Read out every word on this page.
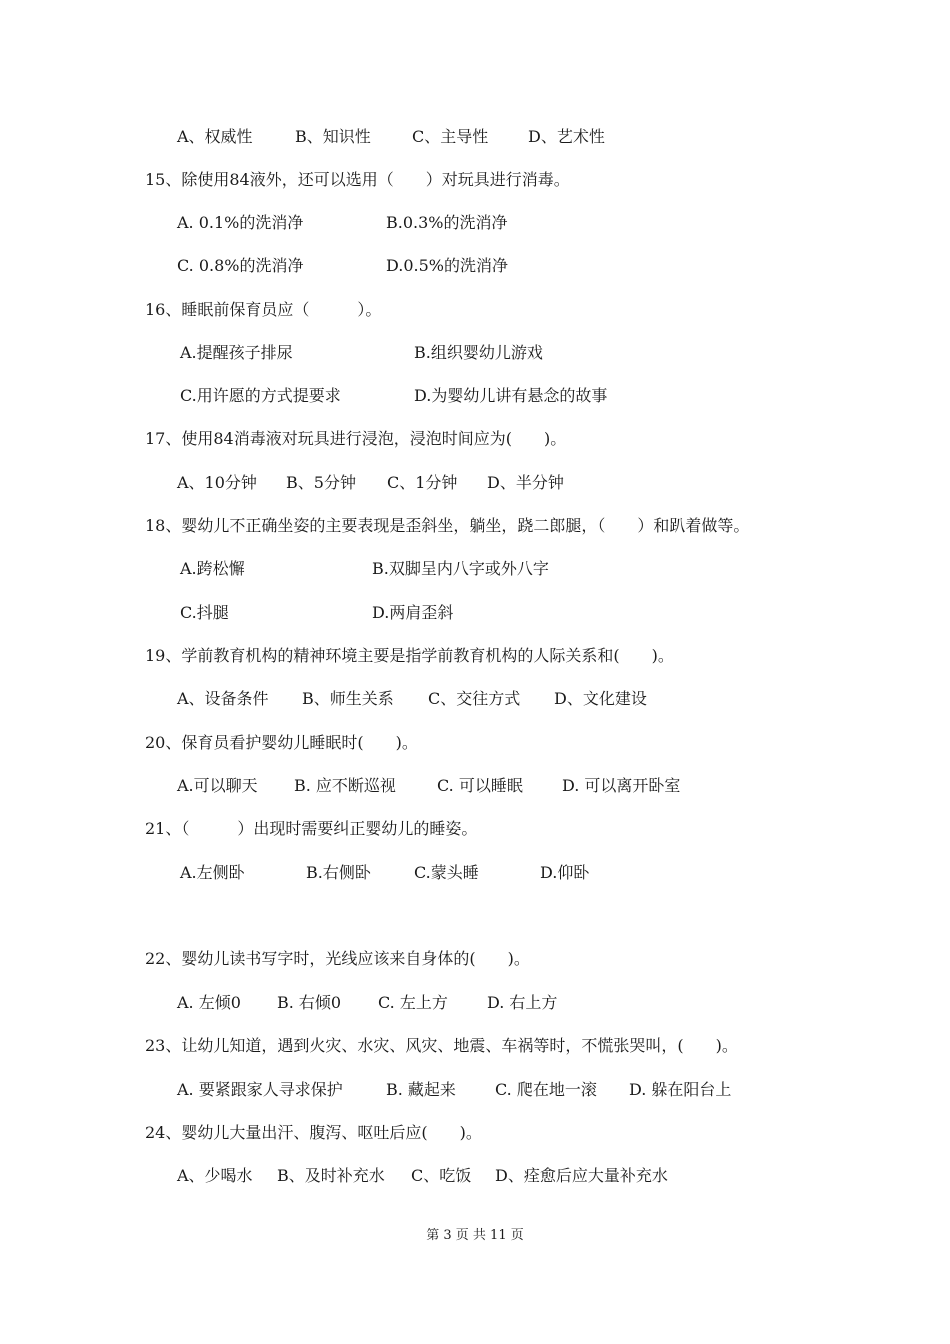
第 3 页 共 11 页
A、权威性	B、知识性	C、主导性 D、艺术性
15、除使用84液外，还可以选用（　　）对玩具进行消毒。
A. 0.1%的洗消净	B.0.3%的洗消净
C. 0.8%的洗消净	D.0.5%的洗消净
16、睡眠前保育员应（　　　）。
A.提醒孩子排尿	B.组织婴幼儿游戏
C.用许愿的方式提要求	D.为婴幼儿讲有悬念的故事
17、使用84消毒液对玩具进行浸泡，浸泡时间应为(　　)。
A、10分钟 B、5分钟 C、1分钟 D、半分钟
18、婴幼儿不正确坐姿的主要表现是歪斜坐，躺坐，跷二郎腿，（　　）和趴着做等。
A.跨松懈	B.双脚呈内八字或外八字
C.抖腿	D.两肩歪斜
19、学前教育机构的精神环境主要是指学前教育机构的人际关系和(　　)。
A、设备条件 B、师生关系 C、交往方式 D、文化建设
20、保育员看护婴幼儿睡眠时(　　)。
A.可以聊天 B. 应不断巡视	C. 可以睡眠 D. 可以离开卧室
21、（　　　）出现时需要纠正婴幼儿的睡姿。
A.左侧卧	B.右侧卧	C.蒙头睡	D.仰卧
22、婴幼儿读书写字时，光线应该来自身体的(　　)。
A. 左倾0 B. 右倾0 C. 左上方 D. 右上方
23、让幼儿知道，遇到火灾、水灾、风灾、地震、车祸等时，不慌张哭叫，(　　)。
A. 要紧跟家人寻求保护	B. 藏起来 C. 爬在地一滚 D. 躲在阳台上
24、婴幼儿大量出汗、腹泻、呕吐后应(　　)。
A、少喝水 B、及时补充水 C、吃饭 D、痊愈后应大量补充水
